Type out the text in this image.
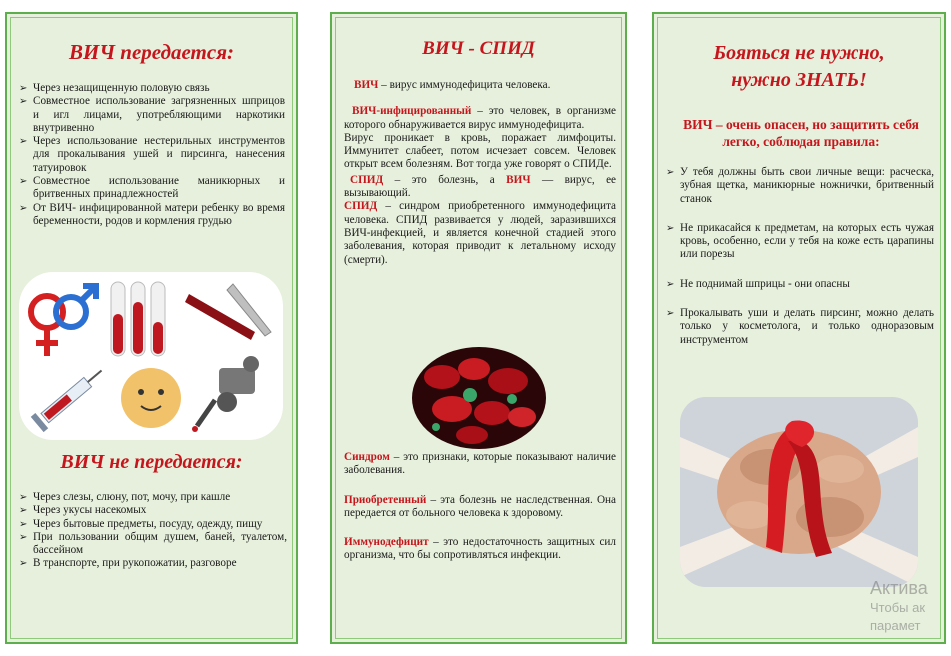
ВИЧ передается:
➢ Через незащищенную половую связь
➢ Совместное использование загрязненных шприцов и игл лицами, употребляющими наркотики внутривенно
➢ Через использование нестерильных инструментов для прокалывания ушей и пирсинга, нанесения татуировок
➢ Совместное использование маникюрных и бритвенных принадлежностей
➢ От ВИЧ- инфицированной матери ребенку во время беременности, родов и кормления грудью
ВИЧ не передается:
➢ Через слезы, слюну, пот, мочу, при кашле
➢ Через укусы насекомых
➢ Через бытовые предметы, посуду, одежду, пищу
➢ При пользовании общим душем, баней, туалетом, бассейном
➢ В транспорте, при рукопожатии, разговоре
ВИЧ - СПИД

ВИЧ – вирус иммунодефицита человека.

ВИЧ-инфицированный – это человек, в организме которого обнаруживается вирус иммунодефицита.

Вирус проникает в кровь, поражает лимфоциты. Иммунитет слабеет, потом исчезает совсем. Человек открыт всем болезням. Вот тогда уже говорят о СПИДе.

СПИД – это болезнь, а ВИЧ — вирус, ее вызывающий.

СПИД – синдром приобретенного иммунодефицита человека. СПИД развивается у людей, заразившихся ВИЧ-инфекцией, и является конечной стадией этого заболевания, которая приводит к летальному исходу (смерти).

Синдром – это признаки, которые показывают наличие заболевания.

Приобретенный – эта болезнь не наследственная. Она передается от больного человека к здоровому.

Иммунодефицит – это недостаточность защитных сил организма, что бы сопротивляться инфекции.

Бояться не нужно,
нужно ЗНАТЬ!

ВИЧ – очень опасен, но защитить себя легко, соблюдая правила:

➢ У тебя должны быть свои личные вещи: расческа, зубная щетка, маникюрные ножнички, бритвенный станок
➢ Не прикасайся к предметам, на которых есть чужая кровь, особенно, если у тебя на коже есть царапины или порезы
➢ Не поднимай шприцы - они опасны
➢ Прокалывать уши и делать пирсинг, можно делать только у косметолога, и только одноразовым инструментом
Актива
Чтобы ак
парамет
